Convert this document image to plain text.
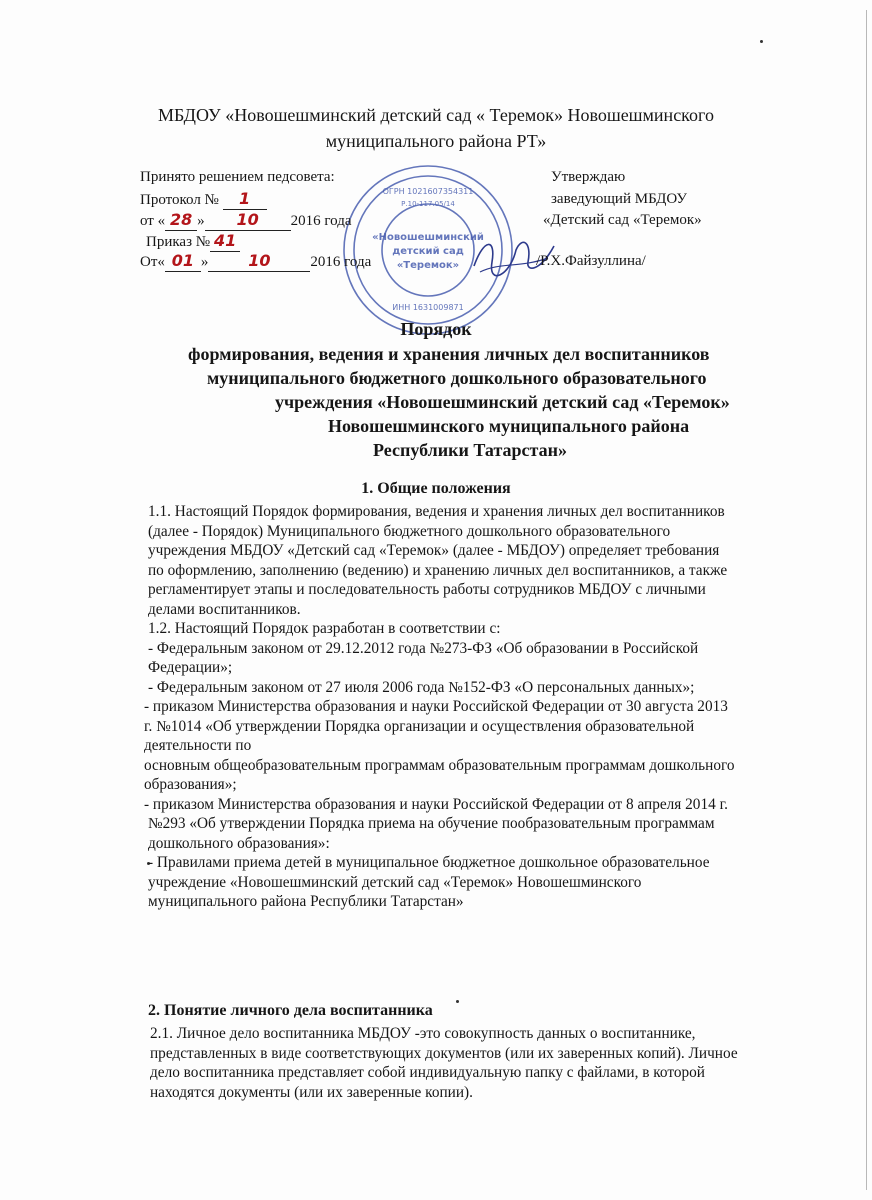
МБДОУ «Новошешминский детский сад « Теремок» Новошешминского
муниципального района РТ»
ОГРН 1021607354311
Р.10-117.05/14
«Новошешминский
детский сад
«Теремок»
ИНН 1631009871
Принято решением педсовета:
Протокол № 1
от « 28 » 10 2016 года
Приказ № 41
От« 01 » 10	2016 года
Утверждаю
заведующий МБДОУ
«Детский сад «Теремок»
/Р.Х.Файзуллина/
Порядок
формирования, ведения и хранения личных дел воспитанников
муниципального бюджетного дошкольного образовательного
учреждения «Новошешминский детский сад «Теремок»
Новошешминского муниципального района
Республики Татарстан»
1. Общие положения
1.1. Настоящий Порядок формирования, ведения и хранения личных дел воспитанников
(далее - Порядок) Муниципального бюджетного дошкольного образовательного
учреждения МБДОУ «Детский сад «Теремок» (далее - МБДОУ) определяет требования
по оформлению, заполнению (ведению) и хранению личных дел воспитанников, а также
регламентирует этапы и последовательность работы сотрудников МБДОУ с личными
делами воспитанников.
1.2. Настоящий Порядок разработан в соответствии с:
- Федеральным законом от 29.12.2012 года №273-ФЗ «Об образовании в Российской
Федерации»;
- Федеральным законом от 27 июля 2006 года №152-ФЗ «О персональных данных»;
- приказом Министерства образования и науки Российской Федерации от 30 августа 2013
г. №1014 «Об утверждении Порядка организации и осуществления образовательной
деятельности по
основным общеобразовательным программам образовательным программам дошкольного
образования»;
- приказом Министерства образования и науки Российской Федерации от 8 апреля 2014 г.
№293 «Об утверждении Порядка приема на обучение пообразовательным программам
дошкольного образования»:
- Правилами приема детей в муниципальное бюджетное дошкольное образовательное
учреждение «Новошешминский детский сад «Теремок» Новошешминского
муниципального района Республики Татарстан»
2. Понятие личного дела воспитанника
2.1. Личное дело воспитанника МБДОУ -это совокупность данных о воспитаннике,
представленных в виде соответствующих документов (или их заверенных копий). Личное
дело воспитанника представляет собой индивидуальную папку с файлами, в которой
находятся документы (или их заверенные копии).
